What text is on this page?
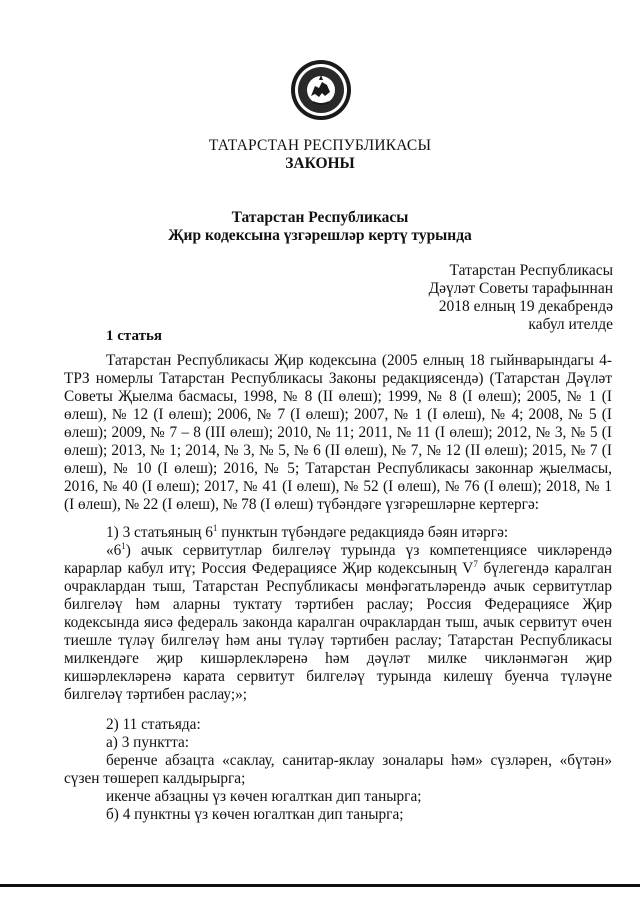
ТАТАРСТАН РЕСПУБЛИКАСЫ
ЗАКОНЫ
Татарстан Республикасы
Җир кодексына үзгәрешләр кертү турында
Татарстан Республикасы
Дәүләт Советы тарафыннан
2018 елның 19 декабрендә
кабул ителде
1 статья

Татарстан Республикасы Җир кодексына (2005 елның 18 гыйнварындагы 4-ТРЗ номерлы Татарстан Республикасы Законы редакциясендә) (Татарстан Дәүләт Советы Җыелма басмасы, 1998, № 8 (II өлеш); 1999, № 8 (I өлеш); 2005, № 1 (I өлеш), № 12 (I өлеш); 2006, № 7 (I өлеш); 2007, № 1 (I өлеш), № 4; 2008, № 5 (I өлеш); 2009, № 7 – 8 (III өлеш); 2010, № 11; 2011, № 11 (I өлеш); 2012, № 3, № 5 (I өлеш); 2013, № 1; 2014, № 3, № 5, № 6 (II өлеш), № 7, № 12 (II өлеш); 2015, № 7 (I өлеш), № 10 (I өлеш); 2016, № 5; Татарстан Республикасы законнар җыелмасы, 2016, № 40 (I өлеш); 2017, № 41 (I өлеш), № 52 (I өлеш), № 76 (I өлеш); 2018, № 1 (I өлеш), № 22 (I өлеш), № 78 (I өлеш) түбәндәге үзгәрешләрне кертергә:

1) 3 статьяның $6^1$ пунктын түбәндәге редакциядә бәян итәргә:

«$6^1$) ачык сервитутлар билгеләү турында үз компетенциясе чикләрендә карарлар кабул итү; Россия Федерациясе Җир кодексының $V^7$ бүлегендә каралган очраклардан тыш, Татарстан Республикасы мөнфәгатьләрендә ачык сервитутлар билгеләү һәм аларны туктату тәртибен раслау; Россия Федерациясе Җир кодексында яисә федераль законда каралган очраклардан тыш, ачык сервитут өчен тиешле түләү билгеләү һәм аны түләү тәртибен раслау; Татарстан Республикасы милкендәге җир кишәрлекләренә һәм дәүләт милке чикләнмәгән җир кишәрлекләренә карата сервитут билгеләү турында килешү буенча түләүне билгеләү тәртибен раслау;»;

2) 11 статьяда:

а) 3 пунктта:

беренче абзацта «саклау, санитар-яклау зоналары һәм» сүзләрен, «бүтән» сүзен төшереп калдырырга;

икенче абзацны үз көчен югалткан дип танырга;

б) 4 пунктны үз көчен югалткан дип танырга;
